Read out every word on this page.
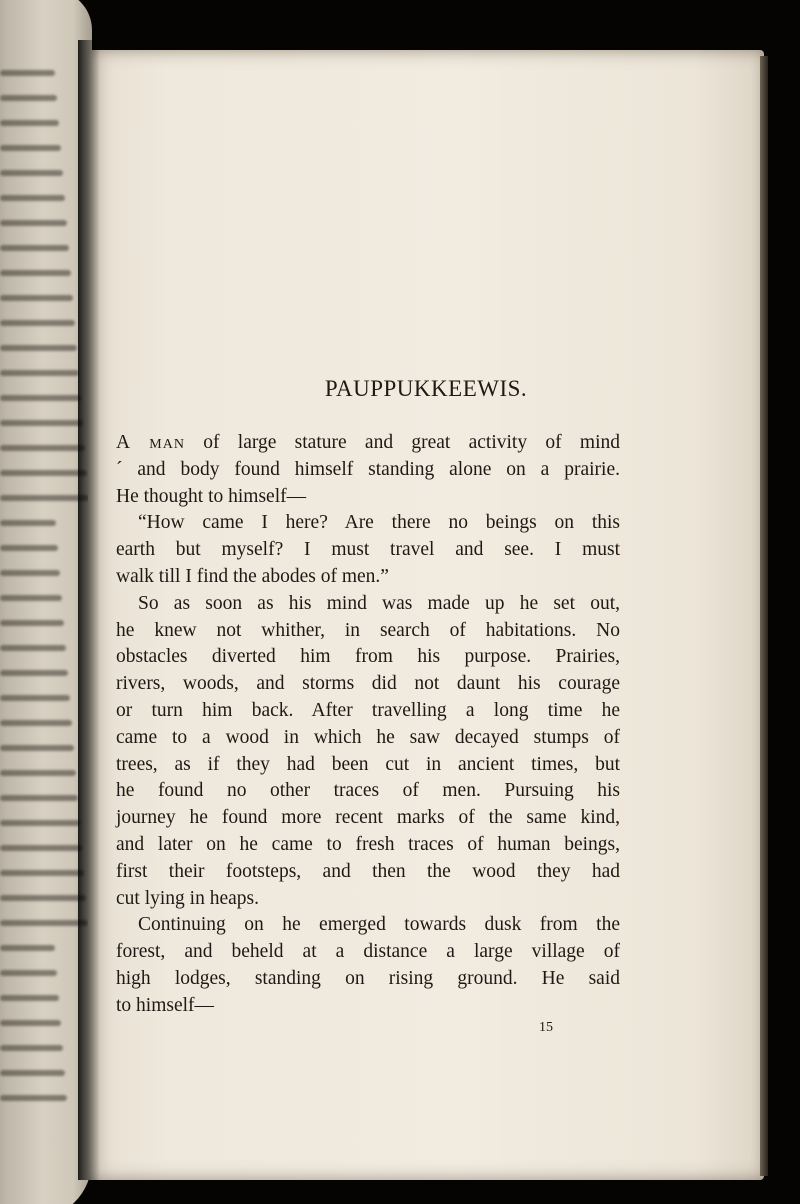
PAUPPUKKEEWIS.
A man of large stature and great activity of mind
´ and body found himself standing alone on a prairie.
He thought to himself—
“How came I here? Are there no beings on this
earth but myself? I must travel and see. I must
walk till I find the abodes of men.”
So as soon as his mind was made up he set out,
he knew not whither, in search of habitations. No
obstacles diverted him from his purpose. Prairies,
rivers, woods, and storms did not daunt his courage
or turn him back. After travelling a long time he
came to a wood in which he saw decayed stumps of
trees, as if they had been cut in ancient times, but
he found no other traces of men. Pursuing his
journey he found more recent marks of the same kind,
and later on he came to fresh traces of human beings,
first their footsteps, and then the wood they had
cut lying in heaps.
Continuing on he emerged towards dusk from the
forest, and beheld at a distance a large village of
high lodges, standing on rising ground. He said
to himself—
15
